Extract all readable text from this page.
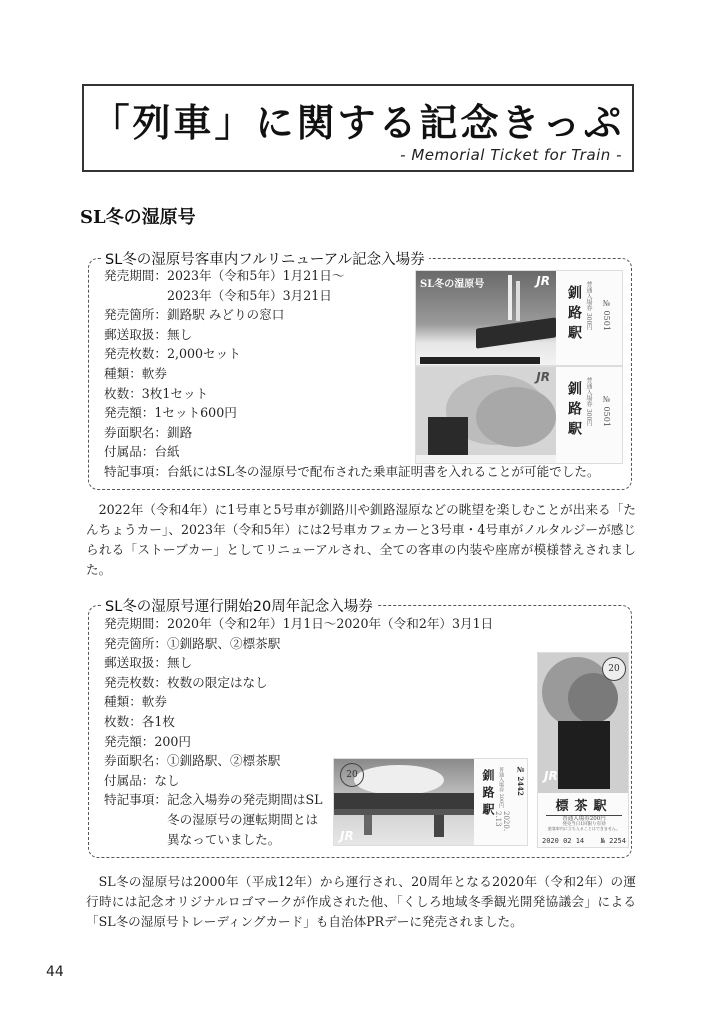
「列車」に関する記念きっぷ
- Memorial Ticket for Train -
SL冬の湿原号
SL冬の湿原号客車内フルリニューアル記念入場券
発売期間：2023年（令和5年）1月21日～
2023年（令和5年）3月21日
発売箇所：釧路駅 みどりの窓口
郵送取扱：無し
発売枚数：2,000セット
種類：軟券
枚数：3枚1セット
発売額：1セット600円
券面駅名：釧路
付属品：台紙
特記事項：台紙にはSL冬の湿原号で配布された乗車証明書を入れることが可能でした。
SL冬の湿原号	JR
釧路駅 普通入場券 300円 № 0501
JR
釧路駅 普通入場券 300円 № 0501
2022年（令和4年）に1号車と5号車が釧路川や釧路湿原などの眺望を楽しむことが出来る「たんちょうカー」、2023年（令和5年）には2号車カフェカーと3号車・4号車がノルタルジーが感じられる「ストーブカー」としてリニューアルされ、全ての客車の内装や座席が模様替えされました。
SL冬の湿原号運行開始20周年記念入場券
発売期間：2020年（令和2年）1月1日～2020年（令和2年）3月1日
発売箇所：①釧路駅、②標茶駅
郵送取扱：無し
発売枚数：枚数の限定はなし
種類：軟券
枚数：各1枚
発売額：200円
券面駅名：①釧路駅、②標茶駅
付属品：なし
特記事項：記念入場券の発売期間はSL
冬の湿原号の運転期間とは
異なっていました。
20
JR
釧路駅 普通入場券 200円 № 2442
2020. 2.13
20
JR
標茶駅
普通入場券200円
発売当日1回限り有効
旅客車内に立ち入ることはできません。
2020 02 14 № 2254
SL冬の湿原号は2000年（平成12年）から運行され、20周年となる2020年（令和2年）の運行時には記念オリジナルロゴマークが作成された他、「くしろ地域冬季観光開発協議会」による「SL冬の湿原号トレーディングカード」も自治体PRデーに発売されました。
44
